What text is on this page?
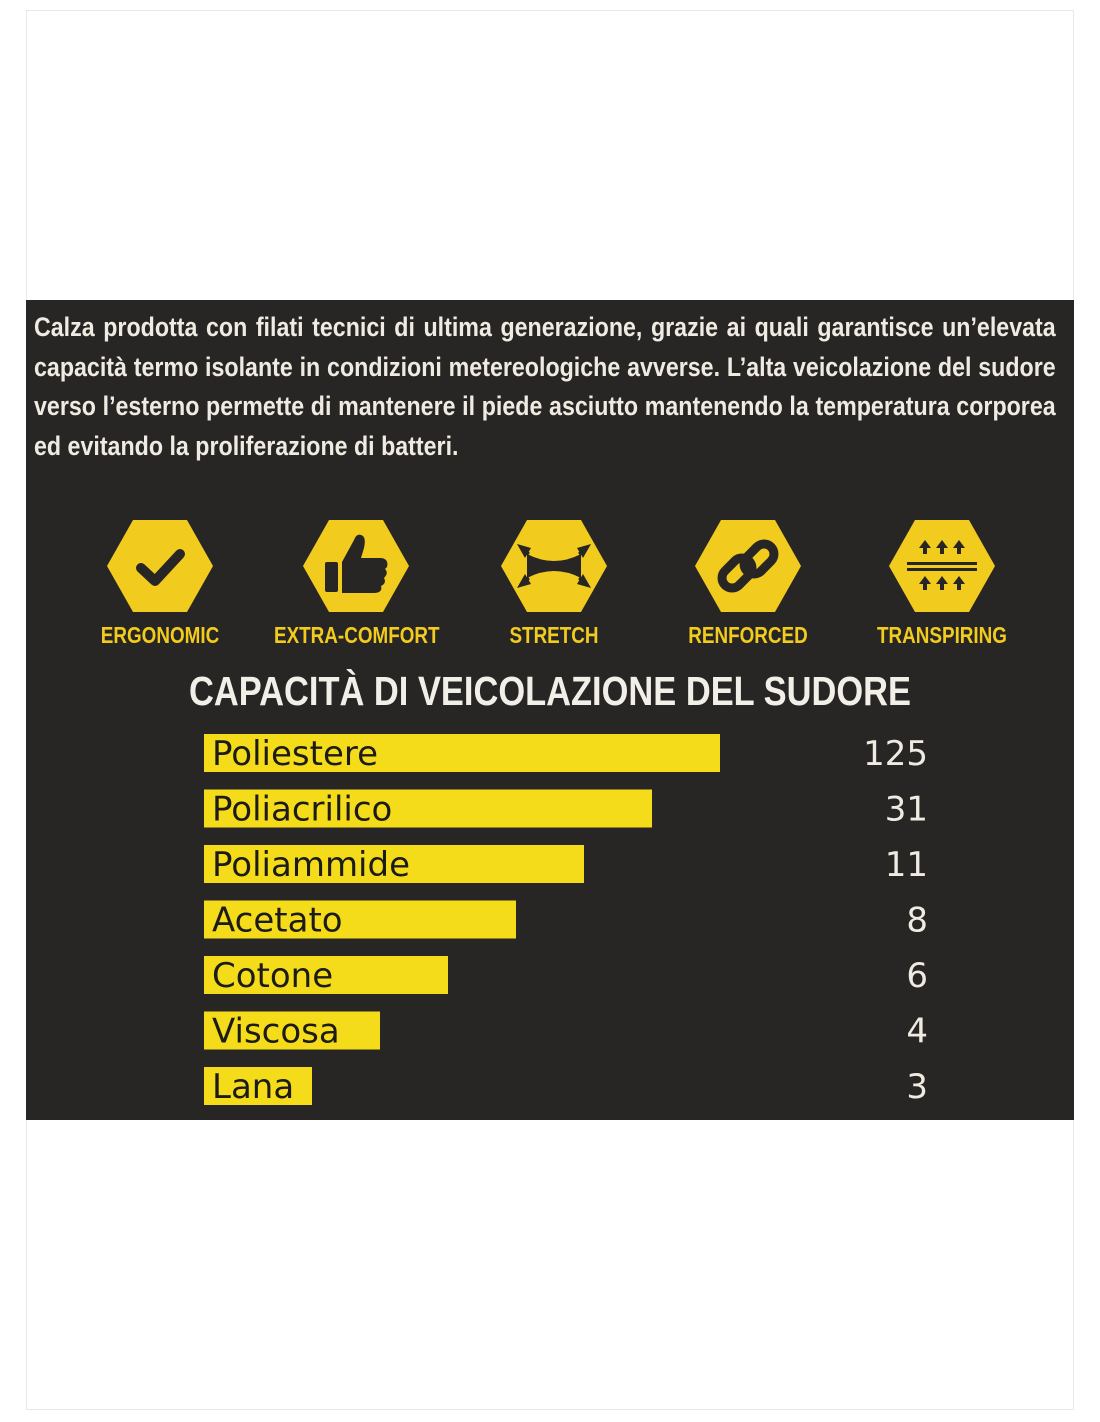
Calza prodotta con filati tecnici di ultima generazione, grazie ai quali garantisce un’elevata capacità termo isolante in condizioni metereologiche avverse. L’alta veicolazione del sudore verso l’esterno permette di mantenere il piede asciutto mantenendo la temperatura corporea ed evitando la proliferazione di batteri.

ERGONOMIC	EXTRA-COMFORT	STRETCH	RENFORCED	TRANSPIRING
CAPACITÀ DI VEICOLAZIONE DEL SUDORE
Poliestere	125
Poliacrilico	31
Poliammide	11
Acetato	8
Cotone	6
Viscosa	4
Lana	3
